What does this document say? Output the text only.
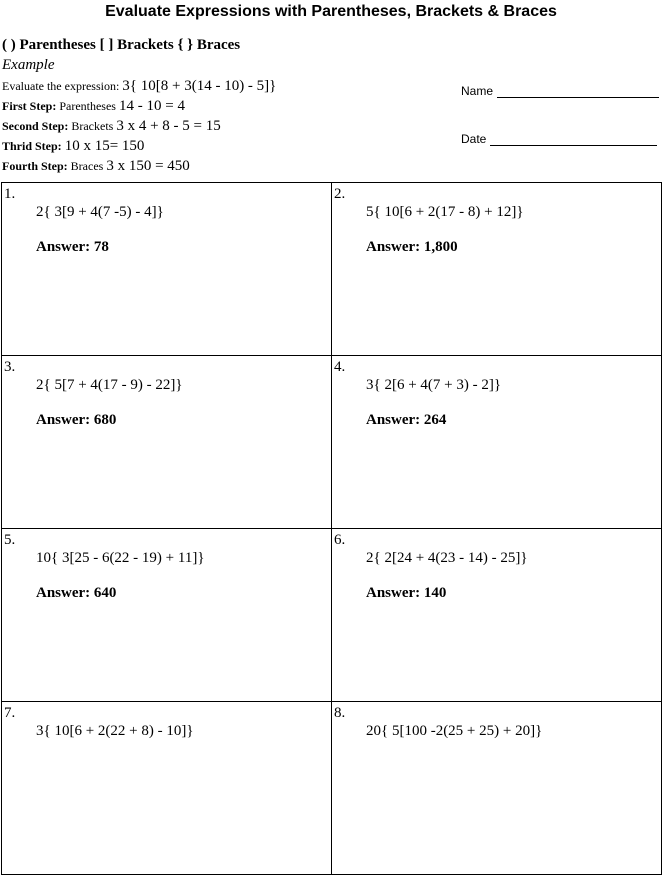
Evaluate Expressions with Parentheses, Brackets & Braces
( ) Parentheses [ ] Brackets { } Braces
Example
Evaluate the expression: 3{ 10[8 + 3(14 - 10) - 5]}
First Step: Parentheses 14 - 10 = 4
Second Step: Brackets 3 x 4 + 8 - 5 = 15
Thrid Step: 10 x 15= 150
Fourth Step: Braces 3 x 150 = 450
Name
Date
1.
2{ 3[9 + 4(7 -5) - 4]}
Answer: 78	2.
5{ 10[6 + 2(17 - 8) + 12]}
Answer: 1,800

3.
2{ 5[7 + 4(17 - 9) - 22]}
Answer: 680	4.
3{ 2[6 + 4(7 + 3) - 2]}
Answer: 264

5.
10{ 3[25 - 6(22 - 19) + 11]}
Answer: 640	6.
2{ 2[24 + 4(23 - 14) - 25]}
Answer: 140

7.
3{ 10[6 + 2(22 + 8) - 10]}	8.
20{ 5[100 -2(25 + 25) + 20]}
